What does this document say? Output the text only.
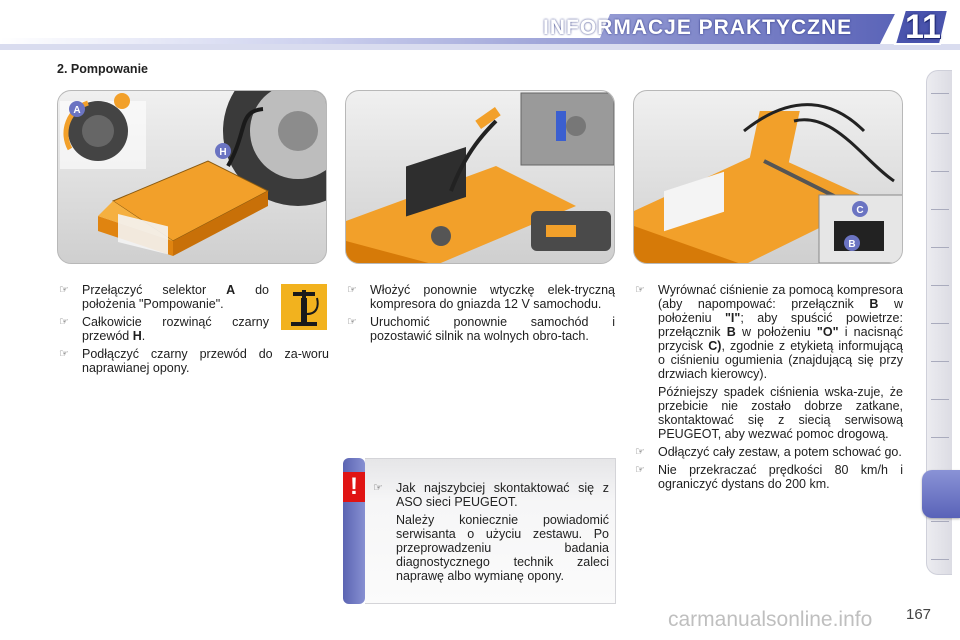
INFORMACJE PRAKTYCZNE	11
2. Pompowanie
A
H
C
B
☞ Przełączyć selektor A do położenia "Pompowanie".
☞ Całkowicie rozwinąć czarny przewód H.
☞ Podłączyć czarny przewód do za-woru naprawianej opony.
☞ Włożyć ponownie wtyczkę elek-tryczną kompresora do gniazda 12 V samochodu.
☞ Uruchomić ponownie samochód i pozostawić silnik na wolnych obro-tach.
☞ Wyrównać ciśnienie za pomocą kompresora (aby napompować: przełącznik B w położeniu "I"; aby spuścić powietrze: przełącznik B w położeniu "O" i nacisnąć przycisk C), zgodnie z etykietą informującą o ciśnieniu ogumienia (znajdującą się przy drzwiach kierowcy).
Późniejszy spadek ciśnienia wska-zuje, że przebicie nie zostało dobrze zatkane, skontaktować się z siecią serwisową PEUGEOT, aby wezwać pomoc drogową.
☞ Odłączyć cały zestaw, a potem schować go.
☞ Nie przekraczać prędkości 80 km/h i ograniczyć dystans do 200 km.
!	☞ Jak najszybciej skontaktować się z ASO sieci PEUGEOT.
Należy koniecznie powiadomić serwisanta o użyciu zestawu. Po przeprowadzeniu badania diagnostycznego technik zaleci naprawę albo wymianę opony.
167
carmanualsonline.info
